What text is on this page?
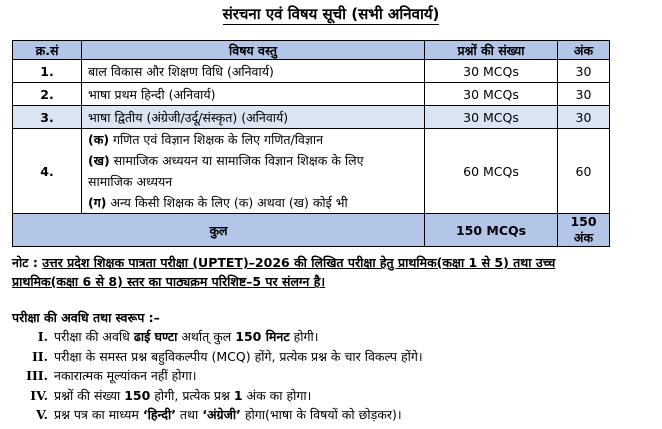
संरचना एवं विषय सूची (सभी अनिवार्य)
क्र.सं	विषय वस्तु	प्रश्नों की संख्या	अंक
1.	बाल विकास और शिक्षण विधि (अनिवार्य)	30 MCQs	30
2.	भाषा प्रथम हिन्दी (अनिवार्य)	30 MCQs	30
3.	भाषा द्वितीय (अंग्रेजी/उर्दू/संस्कृत) (अनिवार्य)	30 MCQs	30
4.	(क) गणित एवं विज्ञान शिक्षक के लिए गणित/विज्ञान
(ख) सामाजिक अध्ययन या सामाजिक विज्ञान शिक्षक के लिए
सामाजिक अध्ययन
(ग) अन्य किसी शिक्षक के लिए (क) अथवा (ख) कोई भी	60 MCQs	60
कुल		150 MCQs	150 अंक
नोट : उत्तर प्रदेश शिक्षक पात्रता परीक्षा (UPTET)–2026 की लिखित परीक्षा हेतु प्राथमिक(कक्षा 1 से 5) तथा उच्च प्राथमिक(कक्षा 6 से 8) स्तर का पाठ्यक्रम परिशिष्ट–5 पर संलग्न है।
परीक्षा की अवधि तथा स्वरूप :–
I. परीक्षा की अवधि ढाई घण्टा अर्थात् कुल 150 मिनट होगी।
II. परीक्षा के समस्त प्रश्न बहुविकल्पीय (MCQ) होंगे, प्रत्येक प्रश्न के चार विकल्प होंगे।
III. नकारात्मक मूल्यांकन नहीं होगा।
IV. प्रश्नों की संख्या 150 होगी, प्रत्येक प्रश्न 1 अंक का होगा।
V. प्रश्न पत्र का माध्यम ‘हिन्दी’ तथा ‘अंग्रेजी’ होगा(भाषा के विषयों को छोड़कर)।
